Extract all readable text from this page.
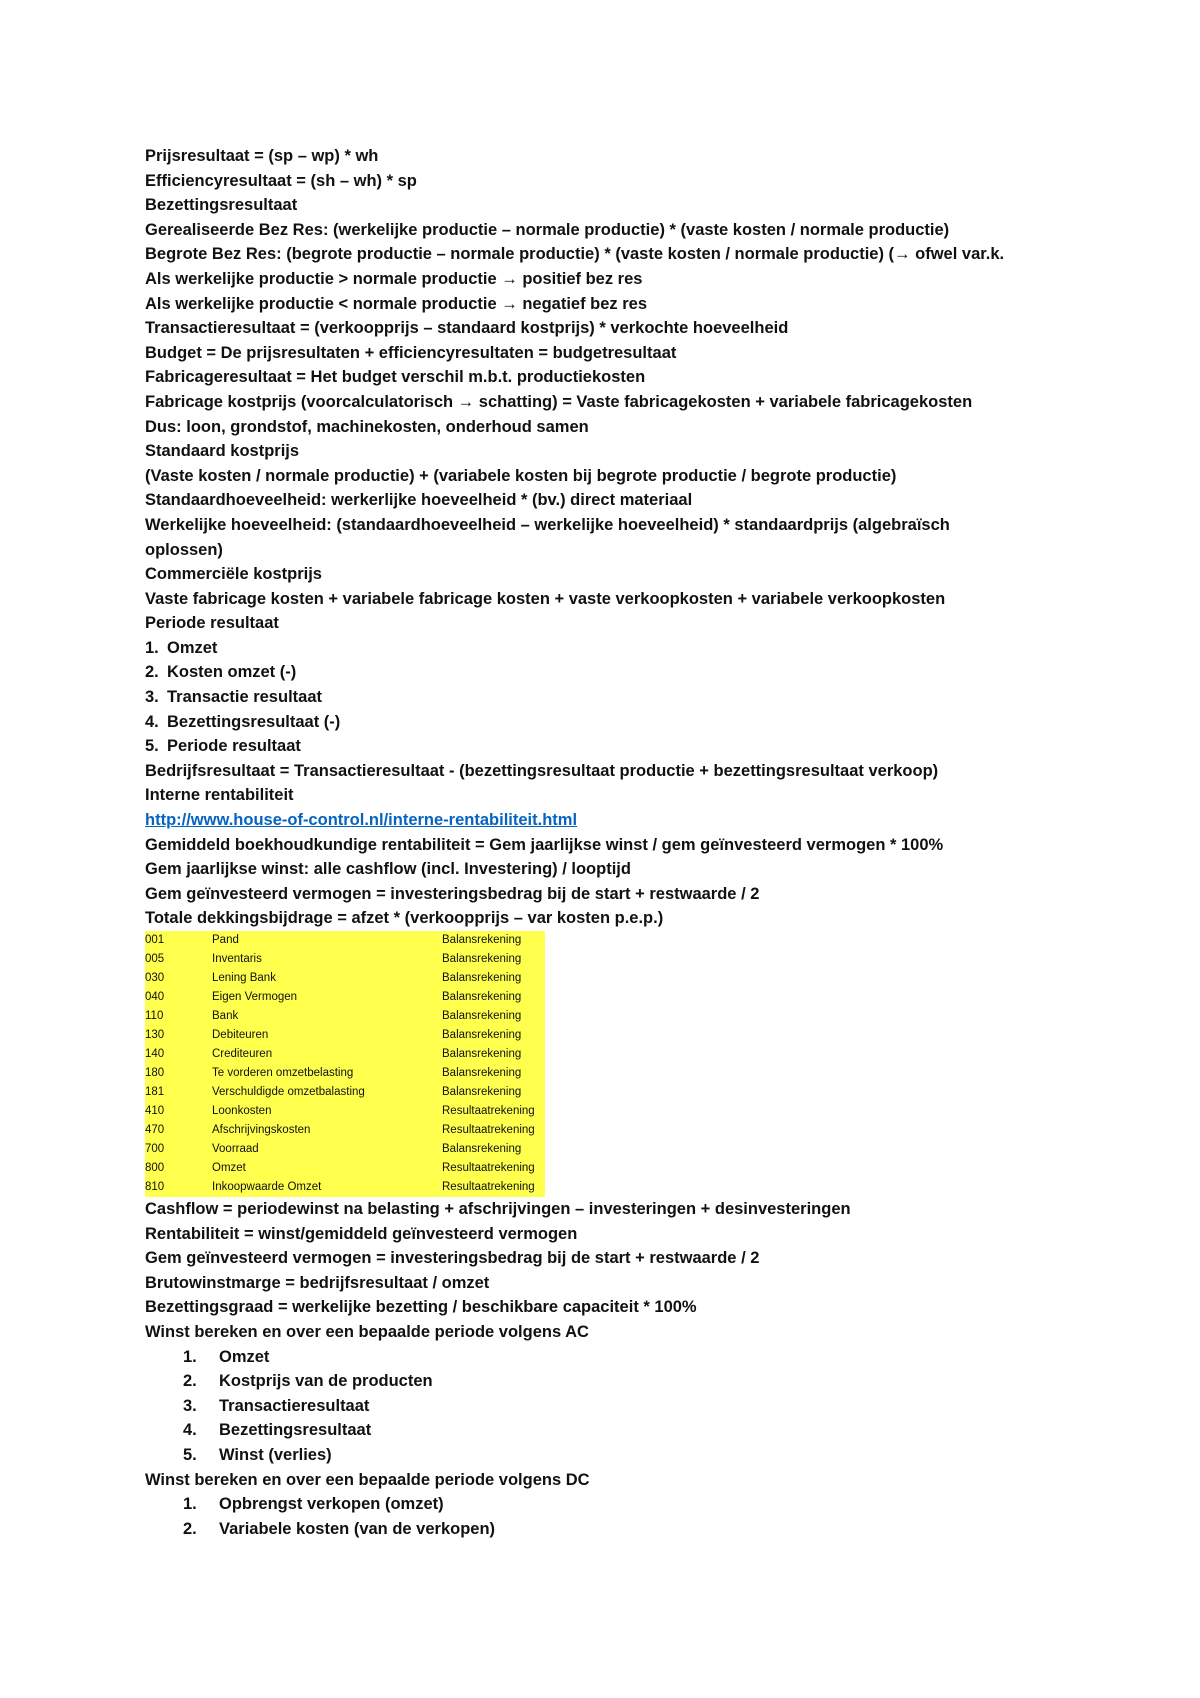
Prijsresultaat = (sp – wp) * wh
Efficiencyresultaat = (sh – wh) * sp
Bezettingsresultaat
Gerealiseerde Bez Res: (werkelijke productie – normale productie) * (vaste kosten / normale productie)
Begrote Bez Res: (begrote productie – normale productie) * (vaste kosten / normale productie) (→ ofwel var.k.
Als werkelijke productie > normale productie → positief bez res
Als werkelijke productie < normale productie → negatief bez res
Transactieresultaat = (verkoopprijs – standaard kostprijs) * verkochte hoeveelheid
Budget = De prijsresultaten + efficiencyresultaten = budgetresultaat
Fabricageresultaat = Het budget verschil m.b.t. productiekosten
Fabricage kostprijs (voorcalculatorisch → schatting) = Vaste fabricagekosten + variabele fabricagekosten
Dus: loon, grondstof, machinekosten, onderhoud samen
Standaard kostprijs
(Vaste kosten / normale productie) + (variabele kosten bij begrote productie / begrote productie)
Standaardhoeveelheid: werkerlijke hoeveelheid * (bv.) direct materiaal
Werkelijke hoeveelheid: (standaardhoeveelheid – werkelijke hoeveelheid) * standaardprijs (algebraïsch
oplossen)
Commerciële kostprijs
Vaste fabricage kosten + variabele fabricage kosten + vaste verkoopkosten + variabele verkoopkosten
Periode resultaat
1. Omzet
2. Kosten omzet (-)
3. Transactie resultaat
4. Bezettingsresultaat (-)
5. Periode resultaat
Bedrijfsresultaat = Transactieresultaat - (bezettingsresultaat productie + bezettingsresultaat verkoop)
Interne rentabiliteit
http://www.house-of-control.nl/interne-rentabiliteit.html
Gemiddeld boekhoudkundige rentabiliteit = Gem jaarlijkse winst / gem geïnvesteerd vermogen * 100%
Gem jaarlijkse winst: alle cashflow (incl. Investering) / looptijd
Gem geïnvesteerd vermogen = investeringsbedrag bij de start + restwaarde / 2
Totale dekkingsbijdrage = afzet * (verkoopprijs – var kosten p.e.p.)
001	Pand	Balansrekening
005	Inventaris	Balansrekening
030	Lening Bank	Balansrekening
040	Eigen Vermogen	Balansrekening
110	Bank	Balansrekening
130	Debiteuren	Balansrekening
140	Crediteuren	Balansrekening
180	Te vorderen omzetbelasting	Balansrekening
181	Verschuldigde omzetbalasting	Balansrekening
410	Loonkosten	Resultaatrekening
470	Afschrijvingskosten	Resultaatrekening
700	Voorraad	Balansrekening
800	Omzet	Resultaatrekening
810	Inkoopwaarde Omzet	Resultaatrekening
Cashflow = periodewinst na belasting + afschrijvingen – investeringen + desinvesteringen
Rentabiliteit = winst/gemiddeld geïnvesteerd vermogen
Gem geïnvesteerd vermogen = investeringsbedrag bij de start + restwaarde / 2
Brutowinstmarge = bedrijfsresultaat / omzet
Bezettingsgraad = werkelijke bezetting / beschikbare capaciteit * 100%
Winst bereken en over een bepaalde periode volgens AC
1. Omzet
2. Kostprijs van de producten
3. Transactieresultaat
4. Bezettingsresultaat
5. Winst (verlies)
Winst bereken en over een bepaalde periode volgens DC
1. Opbrengst verkopen (omzet)
2. Variabele kosten (van de verkopen)
